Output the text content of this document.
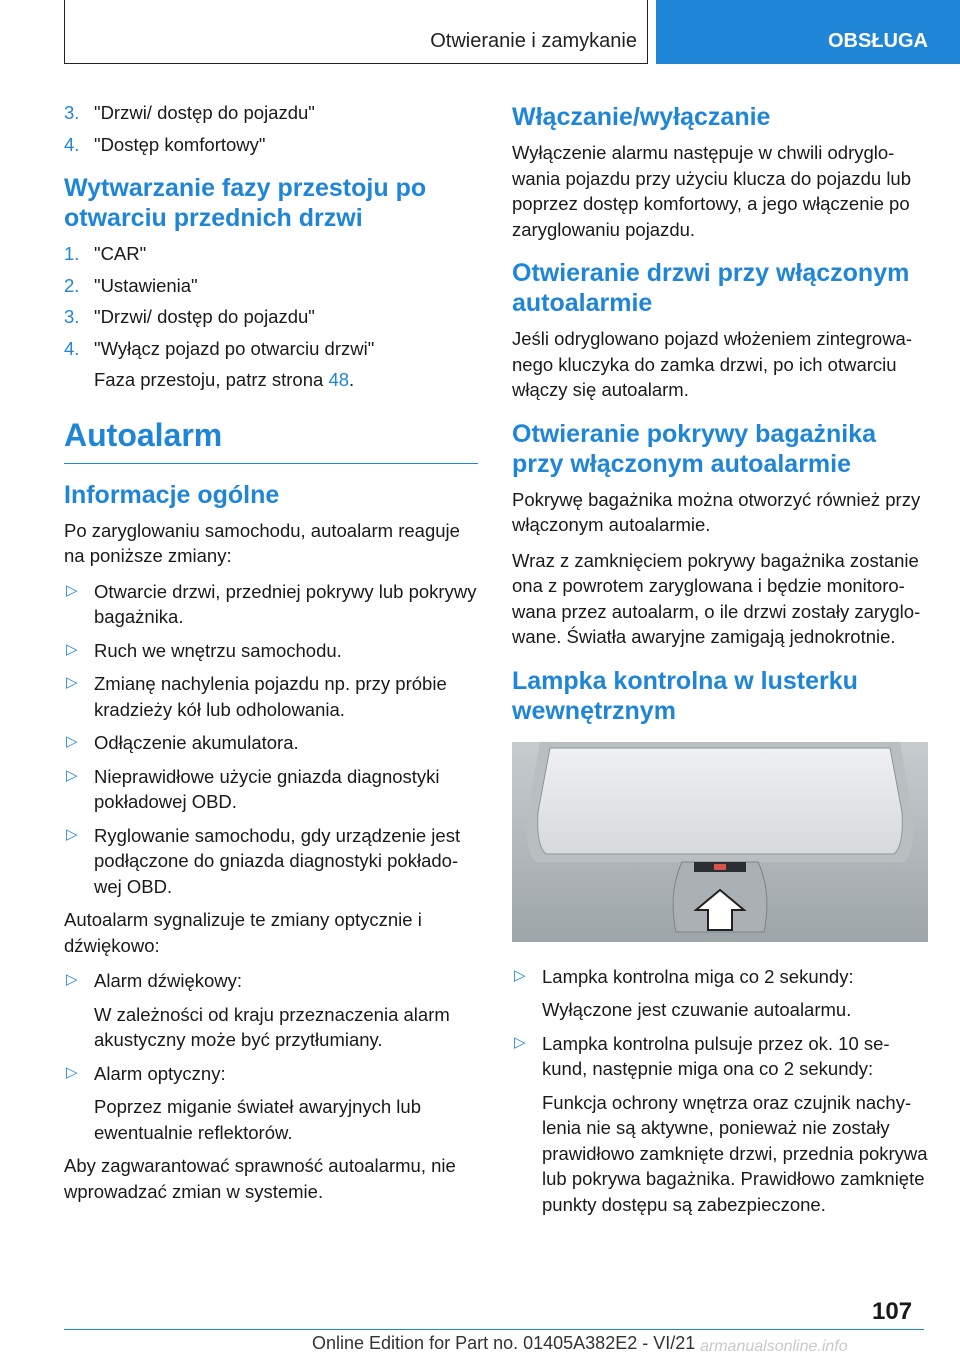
Otwieranie i zamykanie	OBSŁUGA
3. "Drzwi/ dostęp do pojazdu"
4. "Dostęp komfortowy"
Wytwarzanie fazy przestoju po otwarciu przednich drzwi
1. "CAR"
2. "Ustawienia"
3. "Drzwi/ dostęp do pojazdu"
4. "Wyłącz pojazd po otwarciu drzwi"
Faza przestoju, patrz strona 48.
Autoalarm
Informacje ogólne

Po zaryglowaniu samochodu, autoalarm reaguje na poniższe zmiany:

▷ Otwarcie drzwi, przedniej pokrywy lub pokrywy bagażnika.
▷ Ruch we wnętrzu samochodu.
▷ Zmianę nachylenia pojazdu np. przy próbie kradzieży kół lub odholowania.
▷ Odłączenie akumulatora.
▷ Nieprawidłowe użycie gniazda diagnostyki pokładowej OBD.
▷ Ryglowanie samochodu, gdy urządzenie jest podłączone do gniazda diagnostyki pokładowej OBD.

Autoalarm sygnalizuje te zmiany optycznie i dźwiękowo:

▷ Alarm dźwiękowy:
W zależności od kraju przeznaczenia alarm akustyczny może być przytłumiany.
▷ Alarm optyczny:
Poprzez miganie świateł awaryjnych lub ewentualnie reflektorów.

Aby zagwarantować sprawność autoalarmu, nie wprowadzać zmian w systemie.

Włączanie/wyłączanie

Wyłączenie alarmu następuje w chwili odryglowania pojazdu przy użyciu klucza do pojazdu lub poprzez dostęp komfortowy, a jego włączenie po zaryglowaniu pojazdu.

Otwieranie drzwi przy włączonym autoalarmie

Jeśli odryglowano pojazd włożeniem zintegrowanego kluczyka do zamka drzwi, po ich otwarciu włączy się autoalarm.

Otwieranie pokrywy bagażnika przy włączonym autoalarmie

Pokrywę bagażnika można otworzyć również przy włączonym autoalarmie.

Wraz z zamknięciem pokrywy bagażnika zostanie ona z powrotem zaryglowana i będzie monitorowana przez autoalarm, o ile drzwi zostały zaryglowane. Światła awaryjne zamigają jednokrotnie.

Lampka kontrolna w lusterku wewnętrznym
▷ Lampka kontrolna miga co 2 sekundy:
Wyłączone jest czuwanie autoalarmu.
▷ Lampka kontrolna pulsuje przez ok. 10 sekund, następnie miga ona co 2 sekundy:
Funkcja ochrony wnętrza oraz czujnik nachylenia nie są aktywne, ponieważ nie zostały prawidłowo zamknięte drzwi, przednia pokrywa lub pokrywa bagażnika. Prawidłowo zamknięte punkty dostępu są zabezpieczone.
107
Online Edition for Part no. 01405A382E2 - VI/21 armanualsonline.info
